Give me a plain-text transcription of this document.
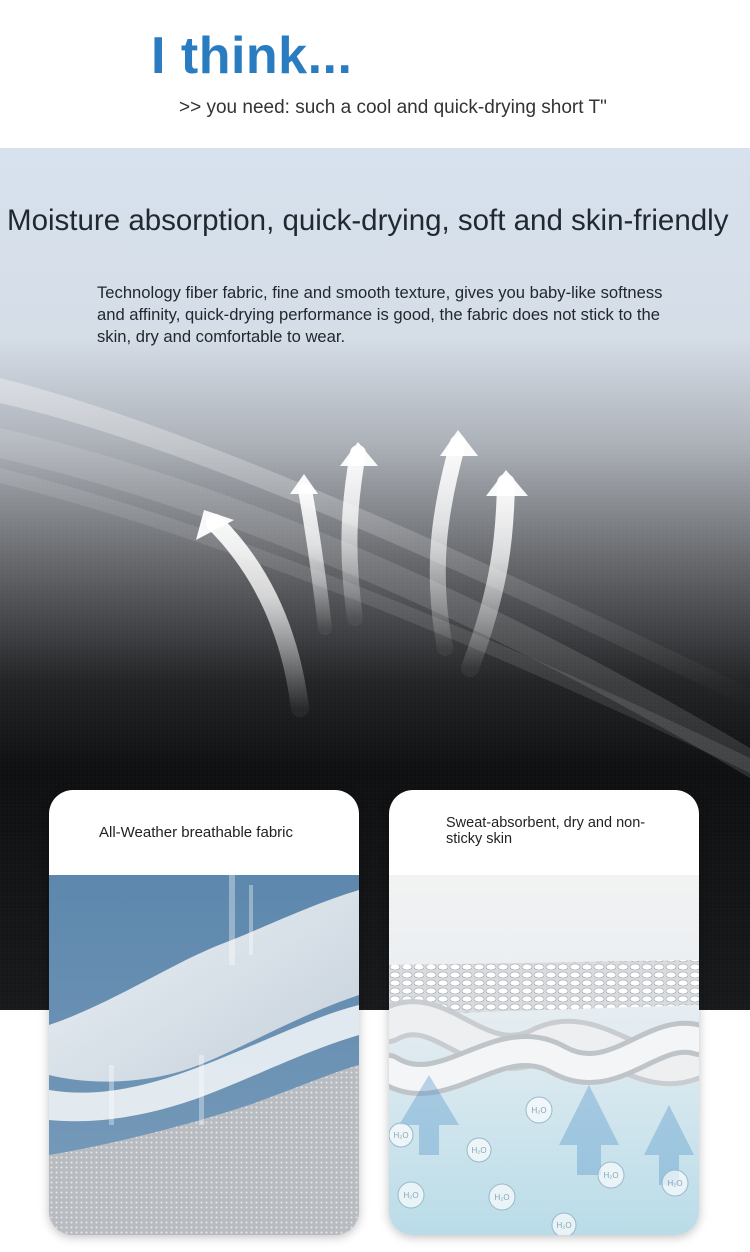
I think...
>> you need: such a cool and quick-drying short T"
Moisture absorption, quick-drying, soft and skin-friendly
Technology fiber fabric, fine and smooth texture, gives you baby-like softness and affinity, quick-drying performance is good, the fabric does not stick to the skin, dry and comfortable to wear.
All-Weather breathable fabric
Sweat-absorbent, dry and non-sticky skin
H₂O
H₂O
H₂O
H₂O
H₂O	H₂O
H₂O
H₂O
